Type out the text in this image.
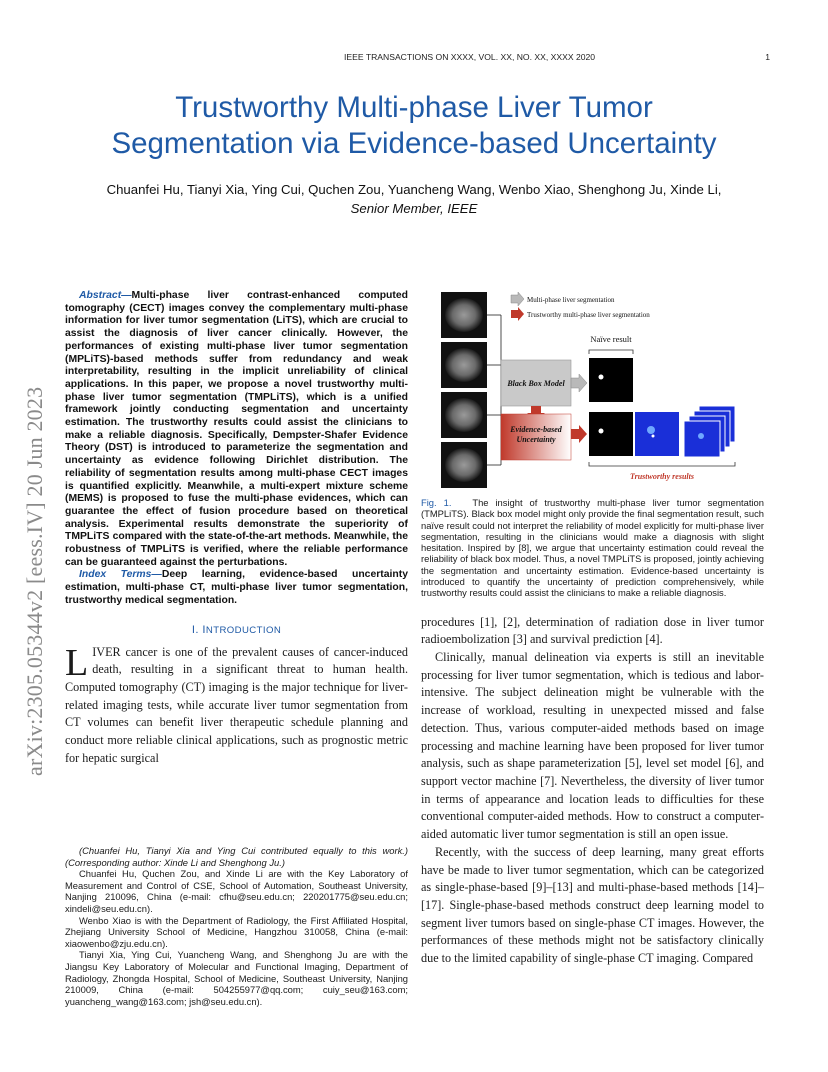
IEEE TRANSACTIONS ON XXXX, VOL. XX, NO. XX, XXXX 2020	1
Trustworthy Multi-phase Liver Tumor
Segmentation via Evidence-based Uncertainty
Chuanfei Hu, Tianyi Xia, Ying Cui, Quchen Zou, Yuancheng Wang, Wenbo Xiao, Shenghong Ju, Xinde Li,
Senior Member, IEEE
arXiv:2305.05344v2 [eess.IV] 20 Jun 2023

Abstract—Multi-phase liver contrast-enhanced computed tomography (CECT) images convey the complementary multi-phase information for liver tumor segmentation (LiTS), which are crucial to assist the diagnosis of liver cancer clinically. However, the performances of existing multi-phase liver tumor segmentation (MPLiTS)-based methods suffer from redundancy and weak interpretability, resulting in the implicit unreliability of clinical applications. In this paper, we propose a novel trustworthy multi-phase liver tumor segmentation (TMPLiTS), which is a unified framework jointly conducting segmentation and uncertainty estimation. The trustworthy results could assist the clinicians to make a reliable diagnosis. Specifically, Dempster-Shafer Evidence Theory (DST) is introduced to parameterize the segmentation and uncertainty as evidence following Dirichlet distribution. The reliability of segmentation results among multi-phase CECT images is quantified explicitly. Meanwhile, a multi-expert mixture scheme (MEMS) is proposed to fuse the multi-phase evidences, which can guarantee the effect of fusion procedure based on theoretical analysis. Experimental results demonstrate the superiority of TMPLiTS compared with the state-of-the-art methods. Meanwhile, the robustness of TMPLiTS is verified, where the reliable performance can be guaranteed against the perturbations.

Index Terms—Deep learning, evidence-based uncertainty estimation, multi-phase CT, multi-phase liver tumor segmentation, trustworthy medical segmentation.

I. INTRODUCTION
LIVER cancer is one of the prevalent causes of cancer-induced death, resulting in a significant threat to human health. Computed tomography (CT) imaging is the major technique for liver-related imaging tests, while accurate liver tumor segmentation from CT volumes can benefit liver therapeutic schedule planning and conduct more reliable clinical applications, such as prognostic metric for hepatic surgical

(Chuanfei Hu, Tianyi Xia and Ying Cui contributed equally to this work.) (Corresponding author: Xinde Li and Shenghong Ju.)

Chuanfei Hu, Quchen Zou, and Xinde Li are with the Key Laboratory of Measurement and Control of CSE, School of Automation, Southeast University, Nanjing 210096, China (e-mail: cfhu@seu.edu.cn; 220201775@seu.edu.cn; xindeli@seu.edu.cn).

Wenbo Xiao is with the Department of Radiology, the First Affiliated Hospital, Zhejiang University School of Medicine, Hangzhou 310058, China (e-mail: xiaowenbo@zju.edu.cn).

Tianyi Xia, Ying Cui, Yuancheng Wang, and Shenghong Ju are with the Jiangsu Key Laboratory of Molecular and Functional Imaging, Department of Radiology, Zhongda Hospital, School of Medicine, Southeast University, Nanjing 210009, China (e-mail: 504255977@qq.com; cuiy_seu@163.com; yuancheng_wang@163.com; jsh@seu.edu.cn).

Multi-phase liver segmentation
Trustworthy multi-phase liver segmentation
Naïve result
Black Box Model
Evidence-based
Uncertainty
Trustworthy results

Fig. 1. The insight of trustworthy multi-phase liver tumor segmentation (TMPLiTS). Black box model might only provide the final segmentation result, such naïve result could not interpret the reliability of model explicitly for multi-phase liver segmentation, resulting in the clinicians would make a diagnosis with slight hesitation. Inspired by [8], we argue that uncertainty estimation could reveal the reliability of black box model. Thus, a novel TMPLiTS is proposed, jointly achieving the segmentation and uncertainty estimation. Evidence-based uncertainty is introduced to quantify the uncertainty of prediction comprehensively, while trustworthy results could assist the clinicians to make a reliable diagnosis.

procedures [1], [2], determination of radiation dose in liver tumor radioembolization [3] and survival prediction [4].

Clinically, manual delineation via experts is still an inevitable processing for liver tumor segmentation, which is tedious and labor-intensive. The subject delineation might be vulnerable with the increase of workload, resulting in unexpected missed and false detection. Thus, various computer-aided methods based on image processing and machine learning have been proposed for liver tumor analysis, such as shape parameterization [5], level set model [6], and support vector machine [7]. Nevertheless, the diversity of liver tumor in terms of appearance and location leads to difficulties for these conventional computer-aided methods. How to construct a computer-aided automatic liver tumor segmentation is still an open issue.

Recently, with the success of deep learning, many great efforts have be made to liver tumor segmentation, which can be categorized as single-phase-based [9]–[13] and multi-phase-based methods [14]–[17]. Single-phase-based methods construct deep learning model to segment liver tumors based on single-phase CT images. However, the performances of these methods might not be satisfactory clinically due to the limited capability of single-phase CT imaging. Compared
